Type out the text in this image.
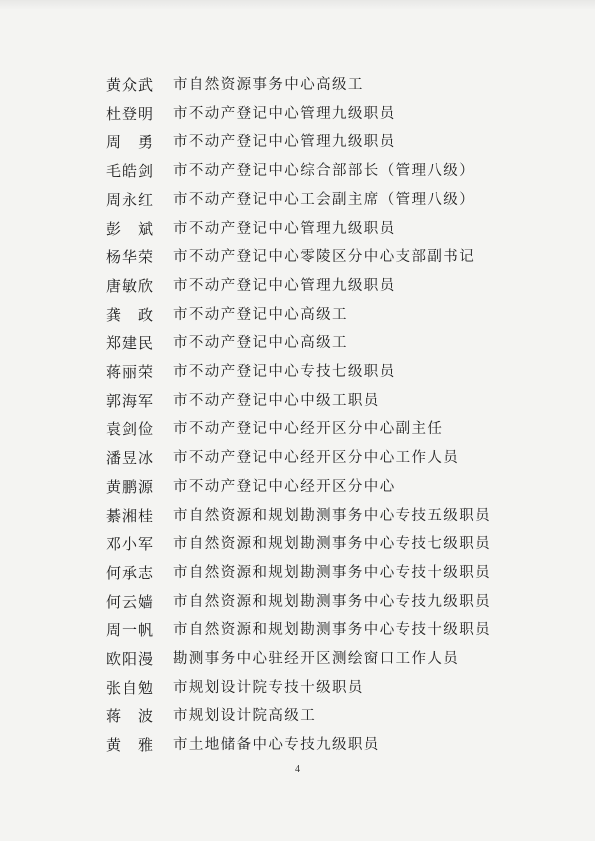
黄众武	市自然资源事务中心高级工
杜登明	市不动产登记中心管理九级职员
周　勇	市不动产登记中心管理九级职员
毛皓剑	市不动产登记中心综合部部长（管理八级）
周永红	市不动产登记中心工会副主席（管理八级）
彭　斌	市不动产登记中心管理九级职员
杨华荣	市不动产登记中心零陵区分中心支部副书记
唐敏欣	市不动产登记中心管理九级职员
龚　政	市不动产登记中心高级工
郑建民	市不动产登记中心高级工
蒋丽荣	市不动产登记中心专技七级职员
郭海军	市不动产登记中心中级工职员
袁剑俭	市不动产登记中心经开区分中心副主任
潘昱冰	市不动产登记中心经开区分中心工作人员
黄鹏源	市不动产登记中心经开区分中心
綦湘桂	市自然资源和规划勘测事务中心专技五级职员
邓小军	市自然资源和规划勘测事务中心专技七级职员
何承志	市自然资源和规划勘测事务中心专技十级职员
何云嫱	市自然资源和规划勘测事务中心专技九级职员
周一帆	市自然资源和规划勘测事务中心专技十级职员
欧阳漫	勘测事务中心驻经开区测绘窗口工作人员
张自勉	市规划设计院专技十级职员
蒋　波	市规划设计院高级工
黄　雅	市土地储备中心专技九级职员
4
